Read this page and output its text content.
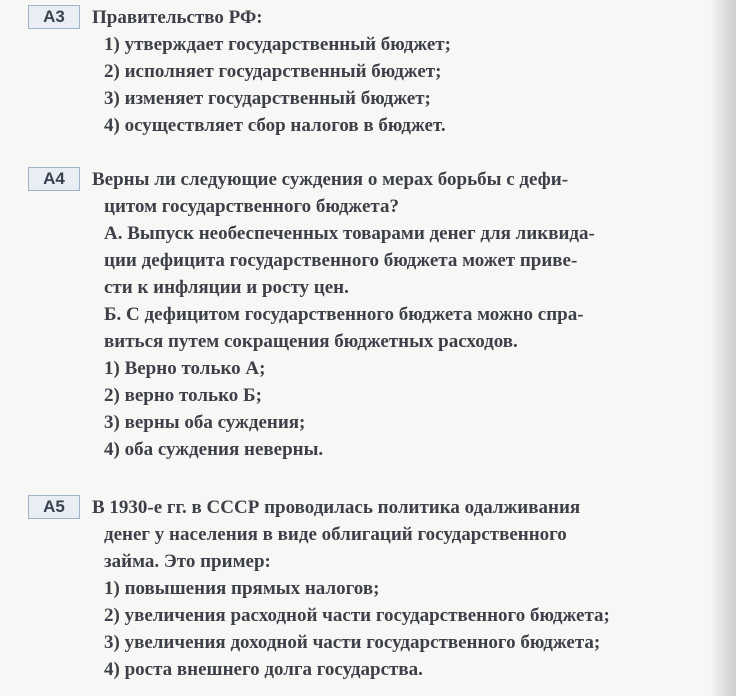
А3	Правительство РФ:

1) утверждает государственный бюджет;

2) исполняет государственный бюджет;

3) изменяет государственный бюджет;

4) осуществляет сбор налогов в бюджет.

А4	Верны ли следующие суждения о мерах борьбы с дефи-

цитом государственного бюджета?

А. Выпуск необеспеченных товарами денег для ликвида-

ции дефицита государственного бюджета может приве-

сти к инфляции и росту цен.

Б. С дефицитом государственного бюджета можно спра-

виться путем сокращения бюджетных расходов.

1) Верно только А;

2) верно только Б;

3) верны оба суждения;

4) оба суждения неверны.

А5	В 1930-е гг. в СССР проводилась политика одалживания

денег у населения в виде облигаций государственного

займа. Это пример:

1) повышения прямых налогов;

2) увеличения расходной части государственного бюджета;

3) увеличения доходной части государственного бюджета;

4) роста внешнего долга государства.
